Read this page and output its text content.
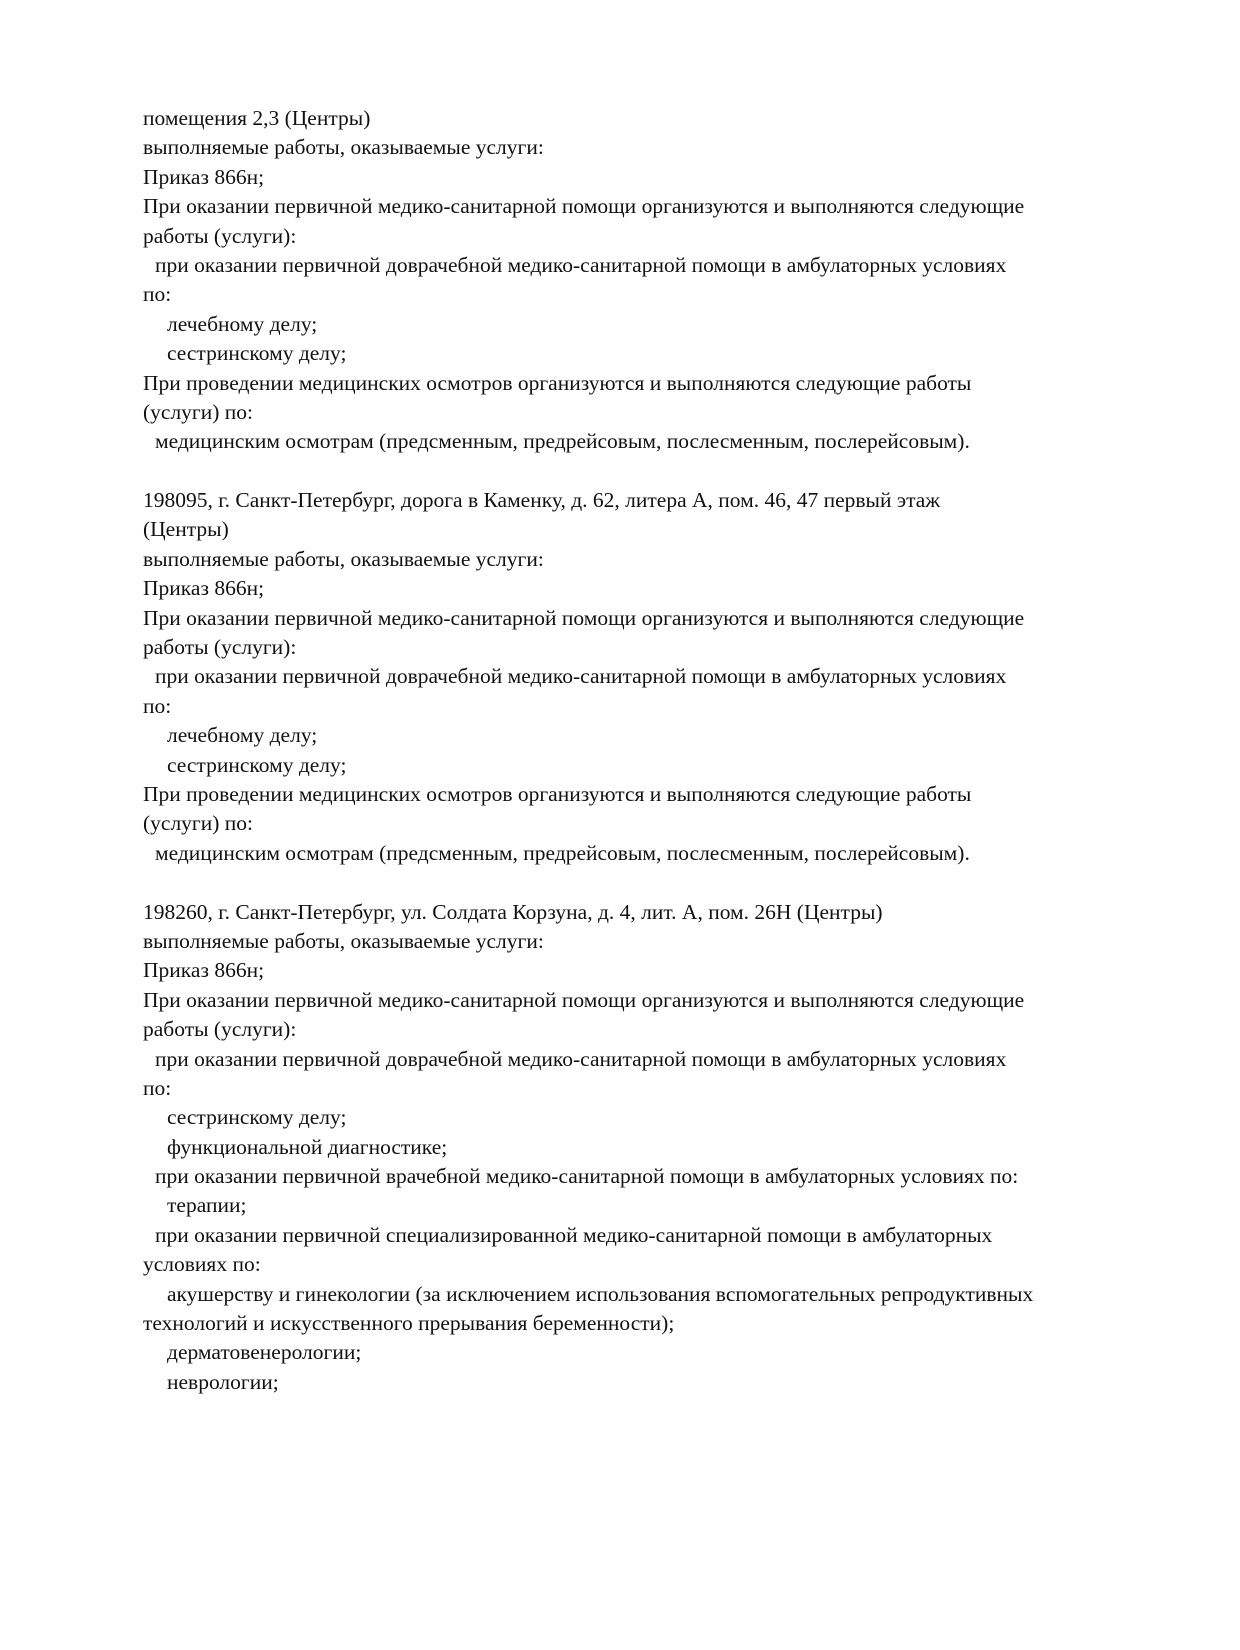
помещения 2,3 (Центры)
выполняемые работы, оказываемые услуги:
Приказ 866н;
При оказании первичной медико-санитарной помощи организуются и выполняются следующие
работы (услуги):
при оказании первичной доврачебной медико-санитарной помощи в амбулаторных условиях
по:
лечебному делу;
сестринскому делу;
При проведении медицинских осмотров организуются и выполняются следующие работы
(услуги) по:
медицинским осмотрам (предсменным, предрейсовым, послесменным, послерейсовым).
198095, г. Санкт-Петербург, дорога в Каменку, д. 62, литера А, пом. 46, 47 первый этаж
(Центры)
выполняемые работы, оказываемые услуги:
Приказ 866н;
При оказании первичной медико-санитарной помощи организуются и выполняются следующие
работы (услуги):
при оказании первичной доврачебной медико-санитарной помощи в амбулаторных условиях
по:
лечебному делу;
сестринскому делу;
При проведении медицинских осмотров организуются и выполняются следующие работы
(услуги) по:
медицинским осмотрам (предсменным, предрейсовым, послесменным, послерейсовым).
198260, г. Санкт-Петербург, ул. Солдата Корзуна, д. 4, лит. А, пом. 26Н (Центры)
выполняемые работы, оказываемые услуги:
Приказ 866н;
При оказании первичной медико-санитарной помощи организуются и выполняются следующие
работы (услуги):
при оказании первичной доврачебной медико-санитарной помощи в амбулаторных условиях
по:
сестринскому делу;
функциональной диагностике;
при оказании первичной врачебной медико-санитарной помощи в амбулаторных условиях по:
терапии;
при оказании первичной специализированной медико-санитарной помощи в амбулаторных
условиях по:
акушерству и гинекологии (за исключением использования вспомогательных репродуктивных
технологий и искусственного прерывания беременности);
дерматовенерологии;
неврологии;
